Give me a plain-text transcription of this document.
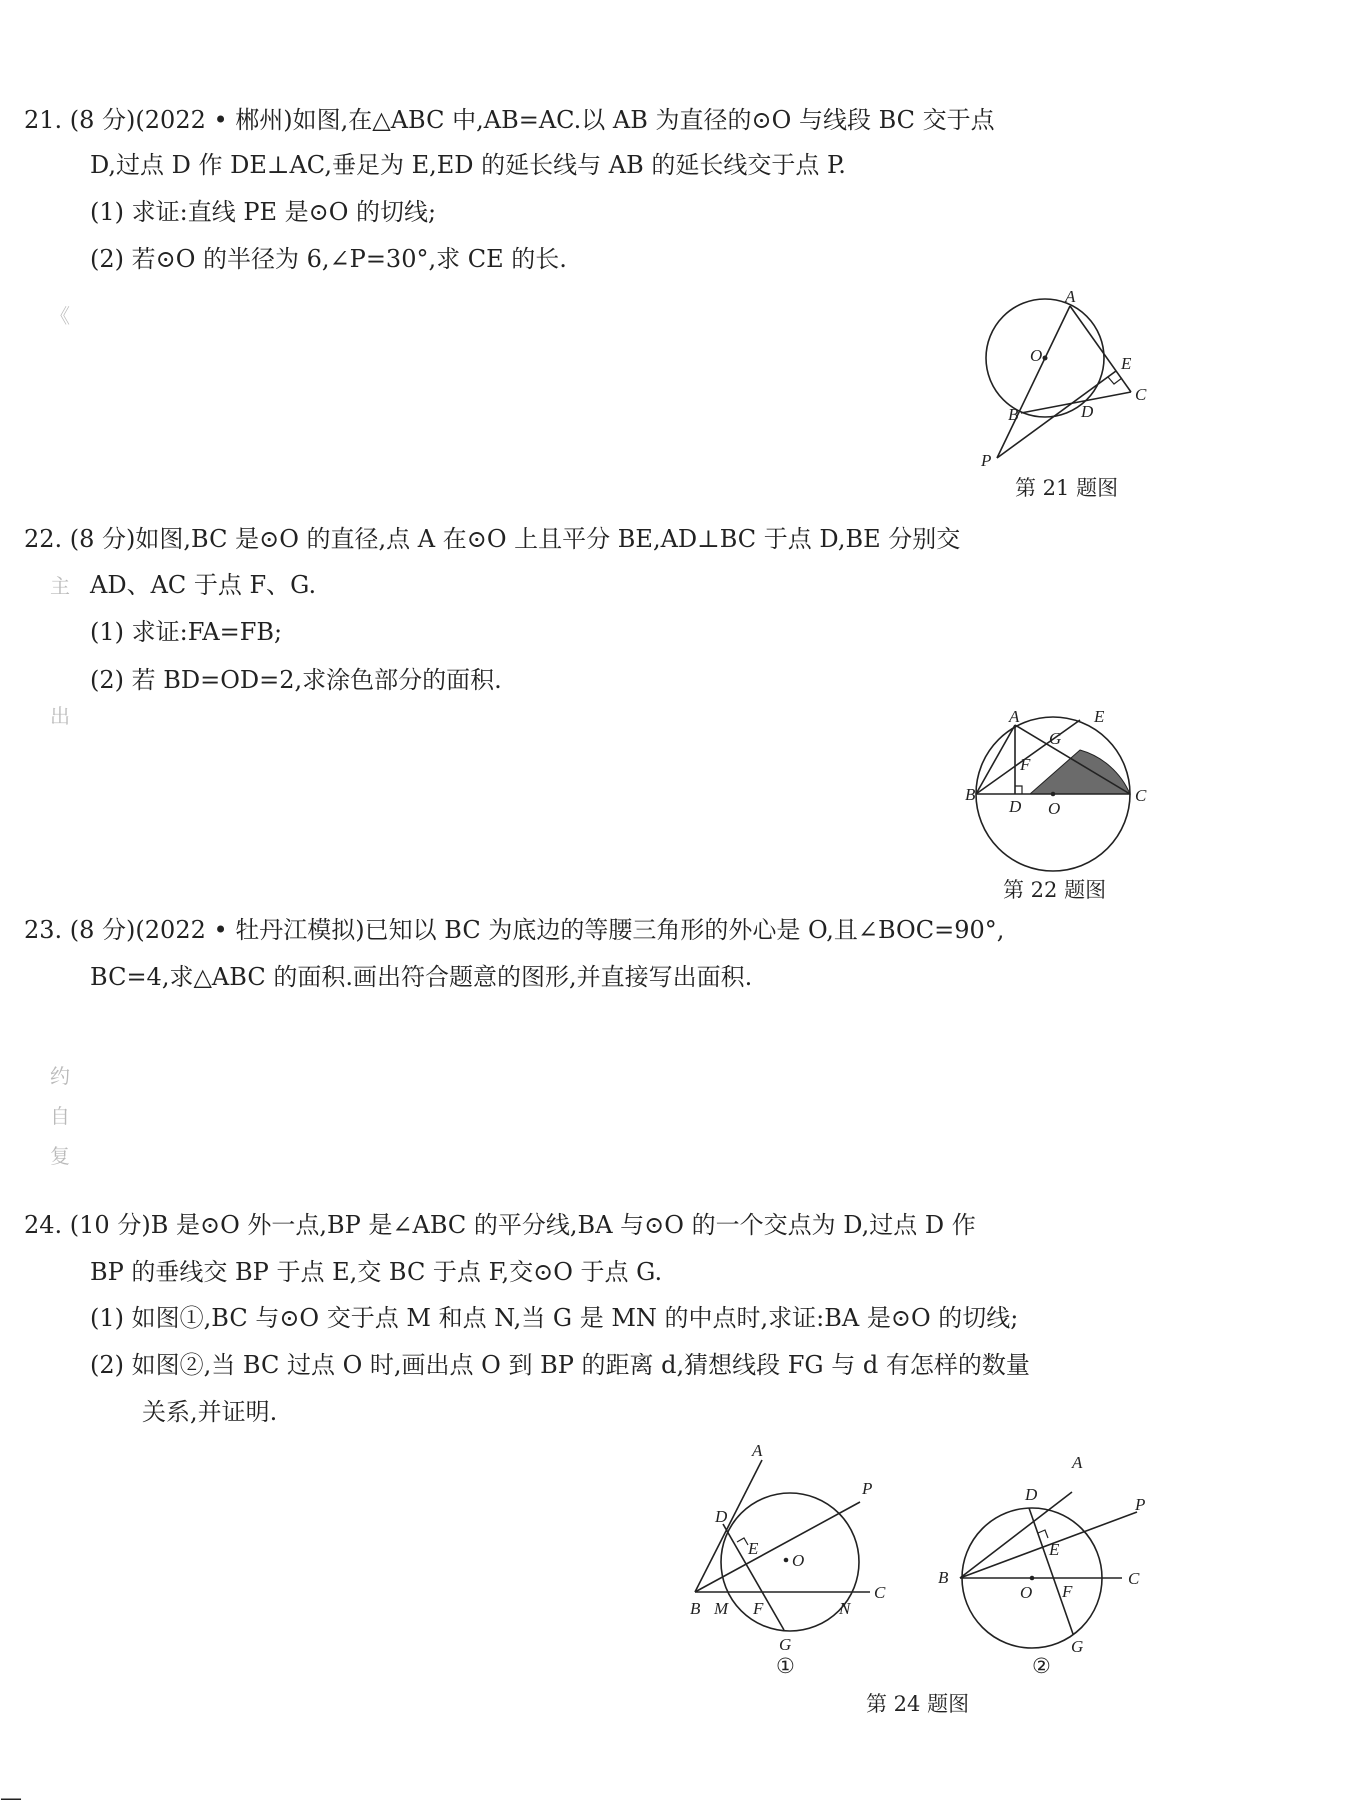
《
主
出
约
自
复
21. (8 分)(2022 • 郴州)如图,在△ABC 中,AB=AC.以 AB 为直径的⊙O 与线段 BC 交于点
D,过点 D 作 DE⊥AC,垂足为 E,ED 的延长线与 AB 的延长线交于点 P.
(1) 求证:直线 PE 是⊙O 的切线;
(2) 若⊙O 的半径为 6,∠P=30°,求 CE 的长.
A
O	E
C
B	D
P
第 21 题图
22. (8 分)如图,BC 是⊙O 的直径,点 A 在⊙O 上且平分 BE,AD⊥BC 于点 D,BE 分别交
AD、AC 于点 F、G.
(1) 求证:FA=FB;
(2) 若 BD=OD=2,求涂色部分的面积.
A	E
G
F
B
D O
C
第 22 题图
23. (8 分)(2022 • 牡丹江模拟)已知以 BC 为底边的等腰三角形的外心是 O,且∠BOC=90°,
BC=4,求△ABC 的面积.画出符合题意的图形,并直接写出面积.
24. (10 分)B 是⊙O 外一点,BP 是∠ABC 的平分线,BA 与⊙O 的一个交点为 D,过点 D 作
BP 的垂线交 BP 于点 E,交 BC 于点 F,交⊙O 于点 G.
(1) 如图①,BC 与⊙O 交于点 M 和点 N,当 G 是 MN 的中点时,求证:BA 是⊙O 的切线;
(2) 如图②,当 BC 过点 O 时,画出点 O 到 BP 的距离 d,猜想线段 FG 与 d 有怎样的数量
关系,并证明.
A
P
D
E
O
B M F	N
C
G
①
A
D
P
E
B
O F
C
G
②
第 24 题图
—
